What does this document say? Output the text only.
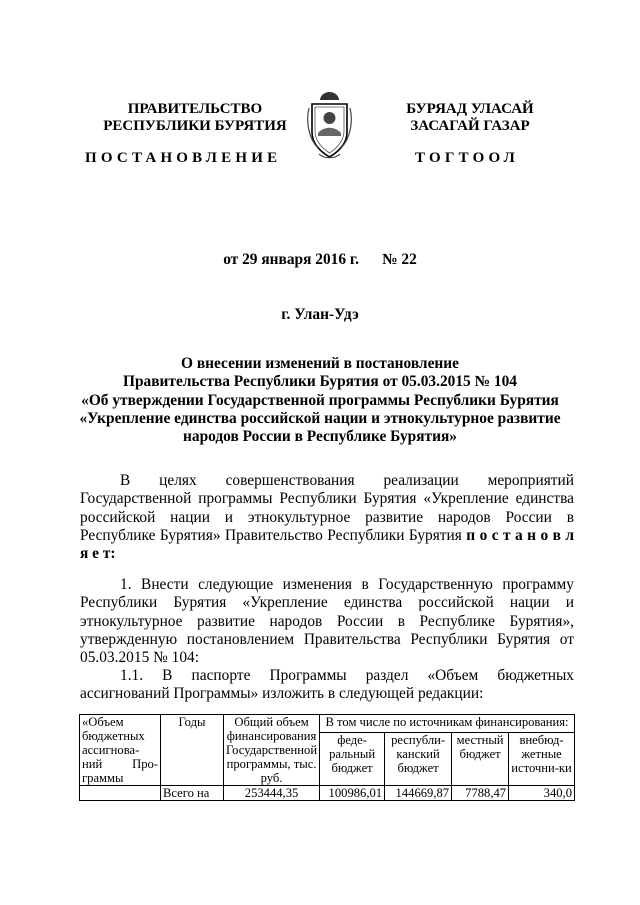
ПРАВИТЕЛЬСТВО
РЕСПУБЛИКИ БУРЯТИЯ
БУРЯАД УЛАСАЙ
ЗАСАГАЙ ГАЗАР
ПОСТАНОВЛЕНИЕ	ТОГТООЛ
от 29 января 2016 г. № 22
г. Улан-Удэ
О внесении изменений в постановление
Правительства Республики Бурятия от 05.03.2015 № 104
«Об утверждении Государственной программы Республики Бурятия
«Укрепление единства российской нации и этнокультурное развитие
народов России в Республике Бурятия»
В целях совершенствования реализации мероприятий Государственной программы Республики Бурятия «Укрепление единства российской нации и этнокультурное развитие народов России в Республике Бурятия» Правительство Республики Бурятия п о с т а н о в л я е т:
1. Внести следующие изменения в Государственную программу Республики Бурятия «Укрепление единства российской нации и этнокультурное развитие народов России в Республике Бурятия», утвержденную постановлением Правительства Республики Бурятия от 05.03.2015 № 104:
1.1. В паспорте Программы раздел «Объем бюджетных ассигнований Программы» изложить в следующей редакции:
«Объем бюджетных ассигнова-ний Про-граммы	Годы	Общий объем финансирования Государственной программы, тыс. руб.	В том числе по источникам финансирования:			
			феде-ральный бюджет	республи-канский бюджет	местный бюджет	внебюд-жетные источни-ки
	Всего на	253444,35	100986,01	144669,87	7788,47	340,0
